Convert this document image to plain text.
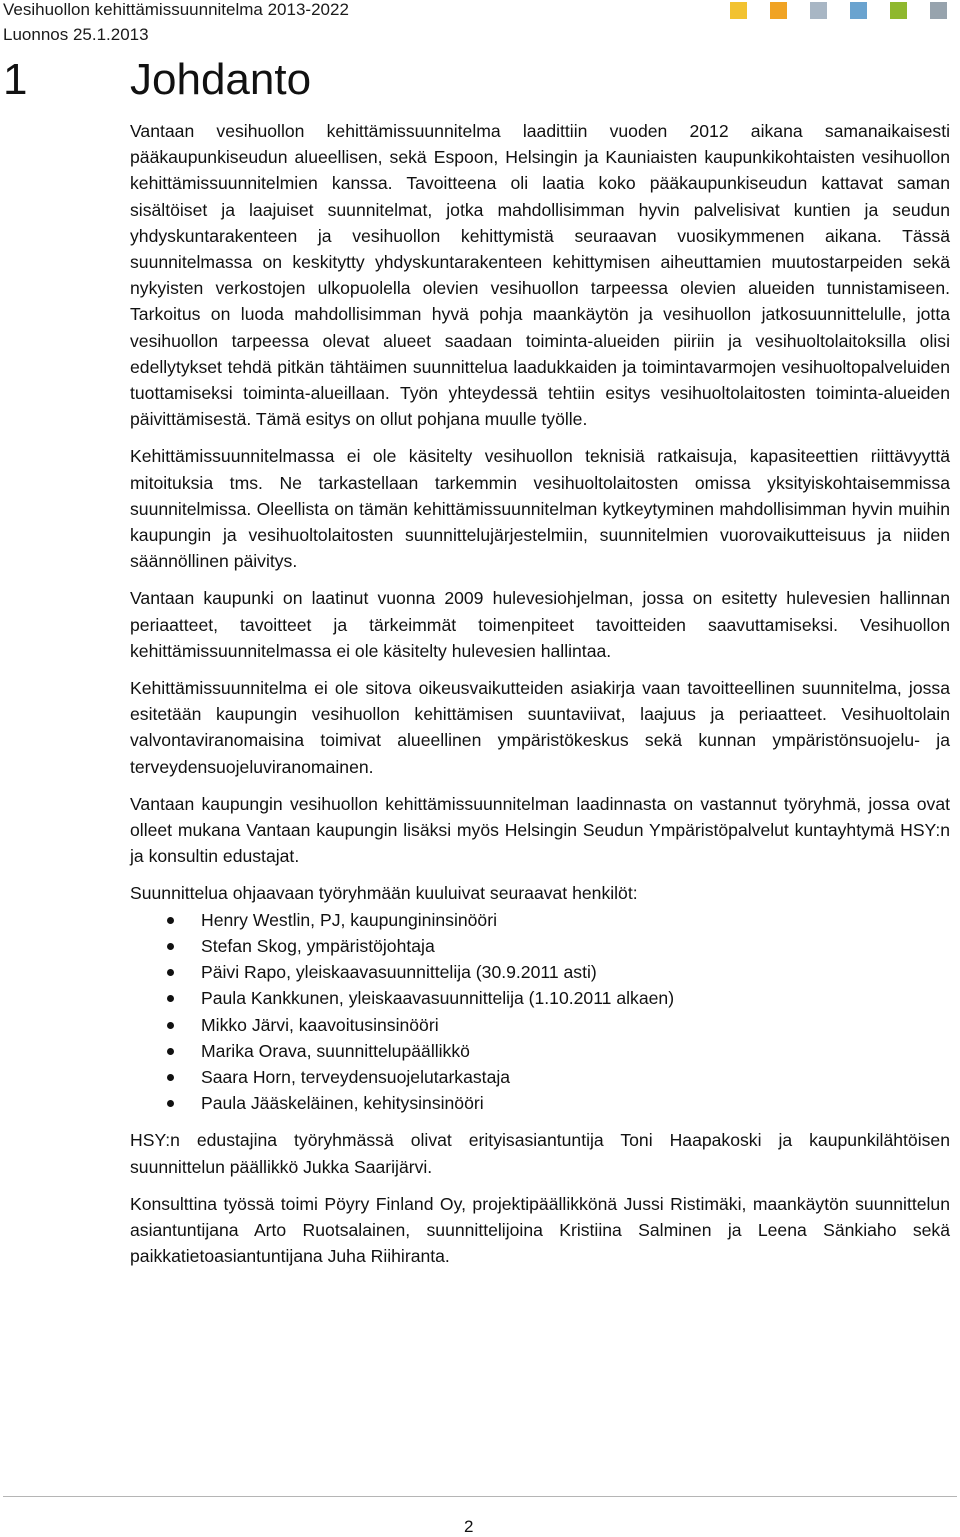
Vesihuollon kehittämissuunnitelma 2013-2022
Luonnos 25.1.2013
1 Johdanto

Vantaan vesihuollon kehittämissuunnitelma laadittiin vuoden 2012 aikana samanaikaisesti pääkaupunkiseudun alueellisen, sekä Espoon, Helsingin ja Kauniaisten kaupunkikohtaisten vesihuollon kehittämissuunnitelmien kanssa. Tavoitteena oli laatia koko pääkaupunkiseudun kattavat saman sisältöiset ja laajuiset suunnitelmat, jotka mahdollisimman hyvin palvelisivat kuntien ja seudun yhdyskuntarakenteen ja vesihuollon kehittymistä seuraavan vuosikymmenen aikana. Tässä suunnitelmassa on keskitytty yhdyskuntarakenteen kehittymisen aiheuttamien muutostarpeiden sekä nykyisten verkostojen ulkopuolella olevien vesihuollon tarpeessa olevien alueiden tunnistamiseen. Tarkoitus on luoda mahdollisimman hyvä pohja maankäytön ja vesihuollon jatkosuunnittelulle, jotta vesihuollon tarpeessa olevat alueet saadaan toiminta-alueiden piiriin ja vesihuoltolaitoksilla olisi edellytykset tehdä pitkän tähtäimen suunnittelua laadukkaiden ja toimintavarmojen vesihuoltopalveluiden tuottamiseksi toiminta-alueillaan. Työn yhteydessä tehtiin esitys vesihuoltolaitosten toiminta-alueiden päivittämisestä. Tämä esitys on ollut pohjana muulle työlle.

Kehittämissuunnitelmassa ei ole käsitelty vesihuollon teknisiä ratkaisuja, kapasiteettien riittävyyttä mitoituksia tms. Ne tarkastellaan tarkemmin vesihuoltolaitosten omissa yksityiskohtaisemmissa suunnitelmissa. Oleellista on tämän kehittämissuunnitelman kytkeytyminen mahdollisimman hyvin muihin kaupungin ja vesihuoltolaitosten suunnittelujärjestelmiin, suunnitelmien vuorovaikutteisuus ja niiden säännöllinen päivitys.

Vantaan kaupunki on laatinut vuonna 2009 hulevesiohjelman, jossa on esitetty hulevesien hallinnan periaatteet, tavoitteet ja tärkeimmät toimenpiteet tavoitteiden saavuttamiseksi. Vesihuollon kehittämissuunnitelmassa ei ole käsitelty hulevesien hallintaa.

Kehittämissuunnitelma ei ole sitova oikeusvaikutteiden asiakirja vaan tavoitteellinen suunnitelma, jossa esitetään kaupungin vesihuollon kehittämisen suuntaviivat, laajuus ja periaatteet. Vesihuoltolain valvontaviranomaisina toimivat alueellinen ympäristökeskus sekä kunnan ympäristönsuojelu- ja terveydensuojeluviranomainen.

Vantaan kaupungin vesihuollon kehittämissuunnitelman laadinnasta on vastannut työryhmä, jossa ovat olleet mukana Vantaan kaupungin lisäksi myös Helsingin Seudun Ympäristöpalvelut kuntayhtymä HSY:n ja konsultin edustajat.

Suunnittelua ohjaavaan työryhmään kuuluivat seuraavat henkilöt:

Henry Westlin, PJ, kaupungininsinööri
Stefan Skog, ympäristöjohtaja
Päivi Rapo, yleiskaavasuunnittelija (30.9.2011 asti)
Paula Kankkunen, yleiskaavasuunnittelija (1.10.2011 alkaen)
Mikko Järvi, kaavoitusinsinööri
Marika Orava, suunnittelupäällikkö
Saara Horn, terveydensuojelutarkastaja
Paula Jääskeläinen, kehitysinsinööri

HSY:n edustajina työryhmässä olivat erityisasiantuntija Toni Haapakoski ja kaupunkilähtöisen suunnittelun päällikkö Jukka Saarijärvi.

Konsulttina työssä toimi Pöyry Finland Oy, projektipäällikkönä Jussi Ristimäki, maankäytön suunnittelun asiantuntijana Arto Ruotsalainen, suunnittelijoina Kristiina Salminen ja Leena Sänkiaho sekä paikkatietoasiantuntijana Juha Riihiranta.

2
